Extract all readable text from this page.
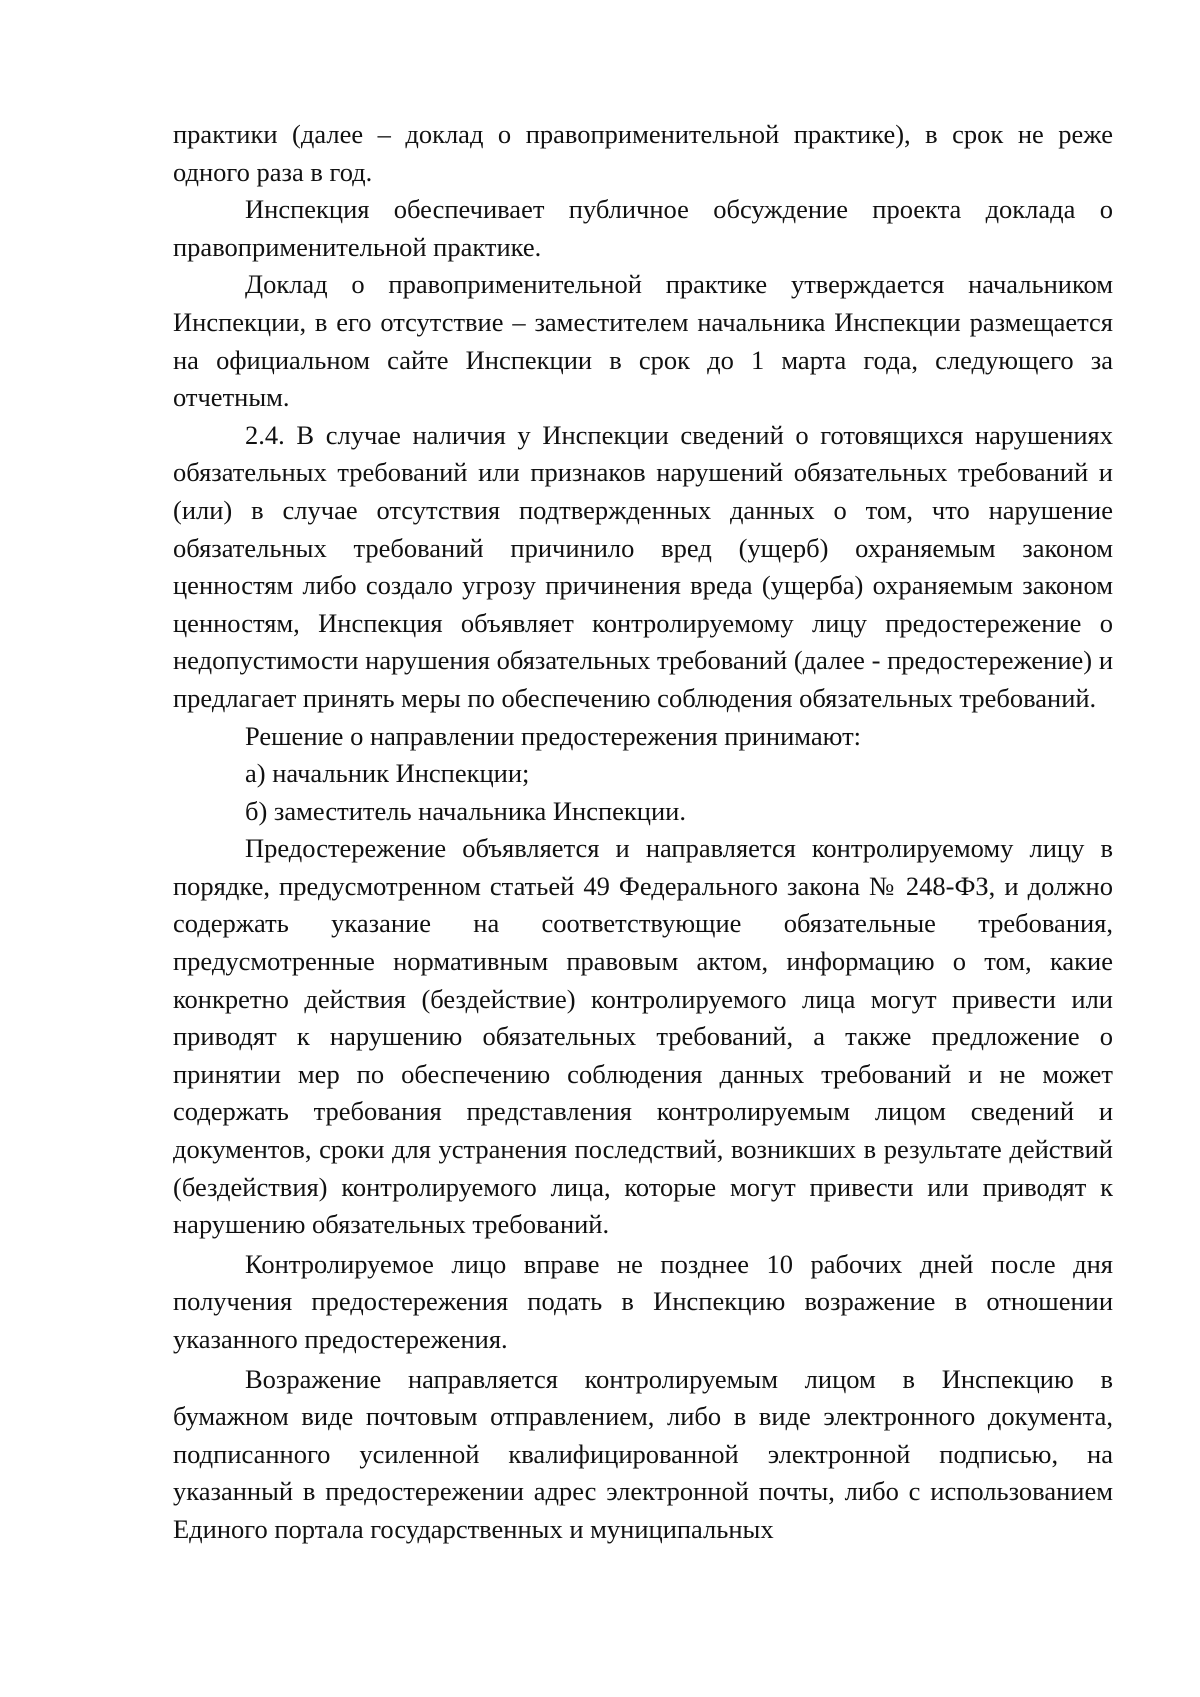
практики (далее – доклад о правоприменительной практике), в срок не реже одного раза в год.

Инспекция обеспечивает публичное обсуждение проекта доклада о правоприменительной практике.

Доклад о правоприменительной практике утверждается начальником Инспекции, в его отсутствие – заместителем начальника Инспекции размещается на официальном сайте Инспекции в срок до 1 марта года, следующего за отчетным.

2.4. В случае наличия у Инспекции сведений о готовящихся нарушениях обязательных требований или признаков нарушений обязательных требований и (или) в случае отсутствия подтвержденных данных о том, что нарушение обязательных требований причинило вред (ущерб) охраняемым законом ценностям либо создало угрозу причинения вреда (ущерба) охраняемым законом ценностям, Инспекция объявляет контролируемому лицу предостережение о недопустимости нарушения обязательных требований (далее - предостережение) и предлагает принять меры по обеспечению соблюдения обязательных требований.

Решение о направлении предостережения принимают:

а) начальник Инспекции;

б) заместитель начальника Инспекции.

Предостережение объявляется и направляется контролируемому лицу в порядке, предусмотренном статьей 49 Федерального закона № 248-ФЗ, и должно содержать указание на соответствующие обязательные требования, предусмотренные нормативным правовым актом, информацию о том, какие конкретно действия (бездействие) контролируемого лица могут привести или приводят к нарушению обязательных требований, а также предложение о принятии мер по обеспечению соблюдения данных требований и не может содержать требования представления контролируемым лицом сведений и документов, сроки для устранения последствий, возникших в результате действий (бездействия) контролируемого лица, которые могут привести или приводят к нарушению обязательных требований.

Контролируемое лицо вправе не позднее 10 рабочих дней после дня получения предостережения подать в Инспекцию возражение в отношении указанного предостережения.

Возражение направляется контролируемым лицом в Инспекцию в бумажном виде почтовым отправлением, либо в виде электронного документа, подписанного усиленной квалифицированной электронной подписью, на указанный в предостережении адрес электронной почты, либо с использованием Единого портала государственных и муниципальных
